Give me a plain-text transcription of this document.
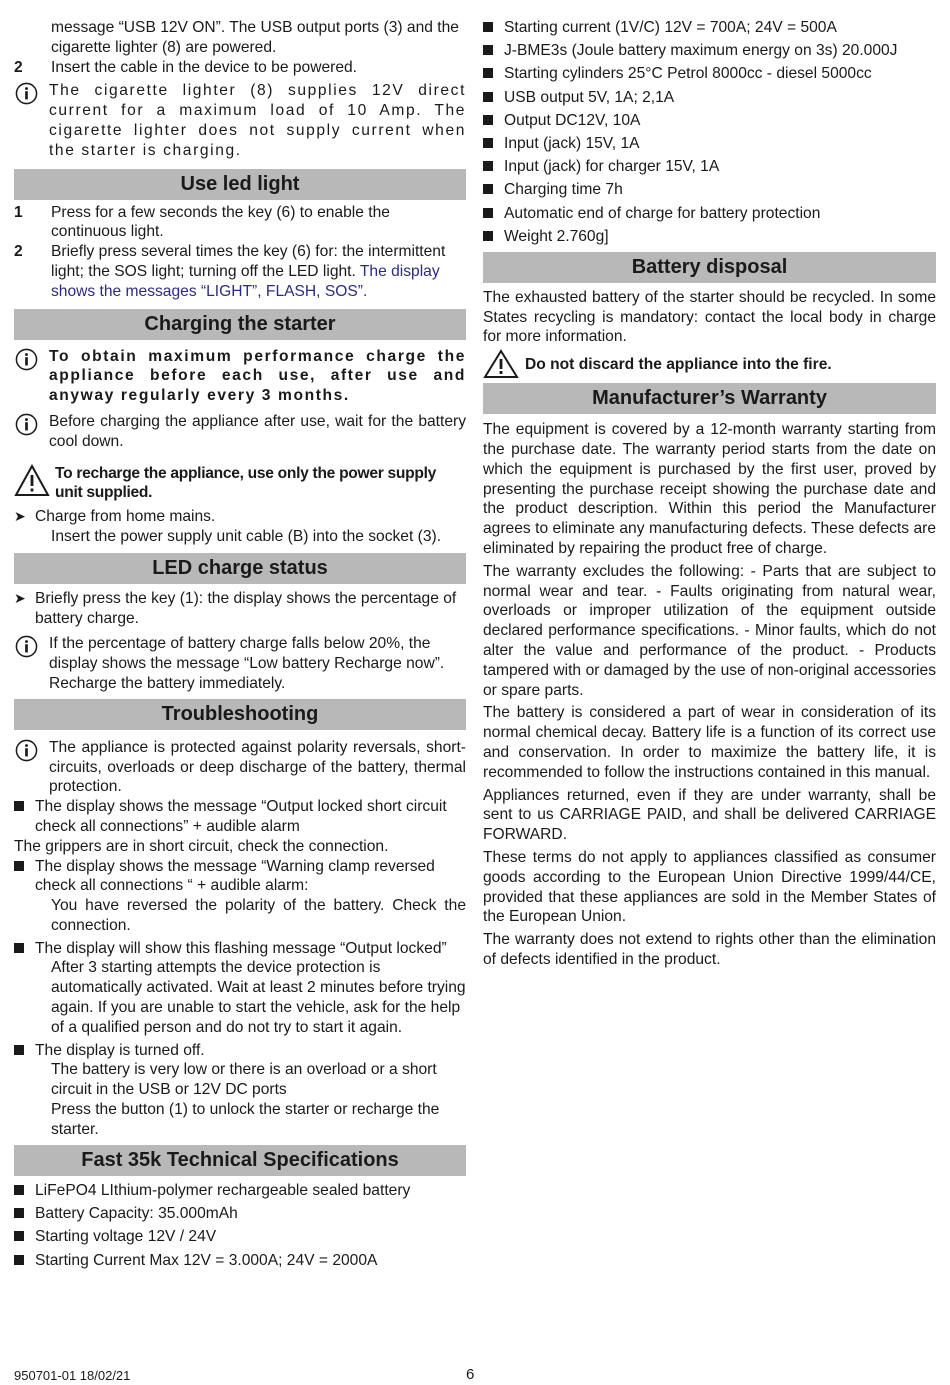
message “USB 12V ON”. The USB output ports (3) and the cigarette lighter (8) are powered.
2 Insert the cable in the device to be powered.
The cigarette lighter (8) supplies 12V direct current for a maximum load of 10 Amp. The cigarette lighter does not supply current when the starter is charging.
Use led light
1 Press for a few seconds the key (6) to enable the continuous light.
2 Briefly press several times the key (6) for: the intermittent light; the SOS light; turning off the LED light. The display shows the messages “LIGHT”, FLASH, SOS”.
Charging the starter
To obtain maximum performance charge the appliance before each use, after use and anyway regularly every 3 months.
Before charging the appliance after use, wait for the battery cool down.
To recharge the appliance, use only the power supply unit supplied.
➤ Charge from home mains.
Insert the power supply unit cable (B) into the socket (3).
LED charge status
➤ Briefly press the key (1): the display shows the percentage of battery charge.
If the percentage of battery charge falls below 20%, the display shows the message “Low battery Recharge now”. Recharge the battery immediately.
Troubleshooting
The appliance is protected against polarity reversals, short-circuits, overloads or deep discharge of the battery, thermal protection.
The display shows the message “Output locked short circuit check all connections” + audible alarm
The grippers are in short circuit, check the connection.
The display shows the message “Warning clamp reversed check all connections “ + audible alarm:
You have reversed the polarity of the battery. Check the connection.
The display will show this flashing message “Output locked”
After 3 starting attempts the device protection is automatically activated. Wait at least 2 minutes before trying again. If you are unable to start the vehicle, ask for the help of a qualified person and do not try to start it again.
The display is turned off.
The battery is very low or there is an overload or a short circuit in the USB or 12V DC ports
Press the button (1) to unlock the starter or recharge the starter.
Fast 35k Technical Specifications
LiFePO4 LIthium-polymer rechargeable sealed battery
Battery Capacity: 35.000mAh
Starting voltage 12V / 24V
Starting Current Max 12V = 3.000A; 24V = 2000A
Starting current (1V/C) 12V = 700A; 24V = 500A
J-BME3s (Joule battery maximum energy on 3s) 20.000J
Starting cylinders 25°C Petrol 8000cc - diesel 5000cc
USB output 5V, 1A; 2,1A
Output DC12V, 10A
Input (jack) 15V, 1A
Input (jack) for charger 15V, 1A
Charging time 7h
Automatic end of charge for battery protection
Weight 2.760g]
Battery disposal
The exhausted battery of the starter should be recycled. In some States recycling is mandatory: contact the local body in charge for more information.
Do not discard the appliance into the fire.
Manufacturer’s Warranty
The equipment is covered by a 12-month warranty starting from the purchase date. The warranty period starts from the date on which the equipment is purchased by the first user, proved by presenting the purchase receipt showing the purchase date and the product description. Within this period the Manufacturer agrees to eliminate any manufacturing defects. These defects are eliminated by repairing the product free of charge.
The warranty excludes the following: - Parts that are subject to normal wear and tear. - Faults originating from natural wear, overloads or improper utilization of the equipment outside declared performance specifications. - Minor faults, which do not alter the value and performance of the product. - Products tampered with or damaged by the use of non-original accessories or spare parts.
The battery is considered a part of wear in consideration of its normal chemical decay. Battery life is a function of its correct use and conservation. In order to maximize the battery life, it is recommended to follow the instructions contained in this manual.
Appliances returned, even if they are under warranty, shall be sent to us CARRIAGE PAID, and shall be delivered CARRIAGE FORWARD.
These terms do not apply to appliances classified as consumer goods according to the European Union Directive 1999/44/CE, provided that these appliances are sold in the Member States of the European Union.
The warranty does not extend to rights other than the elimination of defects identified in the product.
950701-01 18/02/21	6
